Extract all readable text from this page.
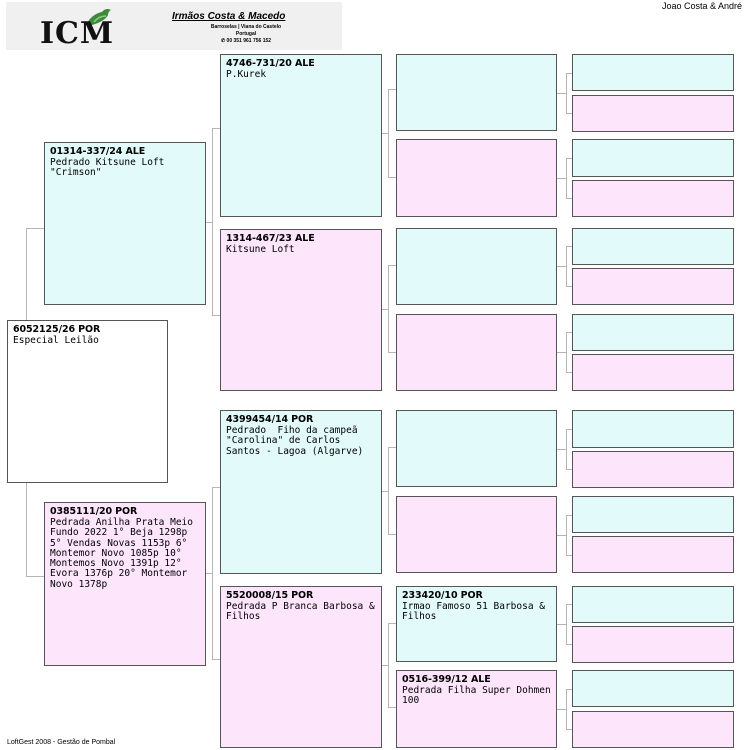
ICM	Irmãos Costa & Macedo
Barroselas | Viana do Castelo
Portugal
✆ 00 351 961 756 152
Joao Costa & André
6052125/26 POR
Especial Leilão
01314-337/24 ALE
Pedrado Kitsune Loft "Crimson"
0385111/20 POR
Pedrada Anilha Prata Meio Fundo 2022 1° Beja 1298p 5° Vendas Novas 1153p 6° Montemor Novo 1085p 10° Montemos Novo 1391p 12° Evora 1376p 20° Montemor Novo 1378p
4746-731/20 ALE
P.Kurek
1314-467/23 ALE
Kitsune Loft
4399454/14 POR
Pedrado  Fiho da campeã "Carolina" de Carlos Santos - Lagoa (Algarve)
5520008/15 POR
Pedrada P Branca Barbosa & Filhos
233420/10 POR
Irmao Famoso 51 Barbosa & Filhos
0516-399/12 ALE
Pedrada Filha Super Dohmen 100
LoftGest 2008 - Gestão de Pombal
